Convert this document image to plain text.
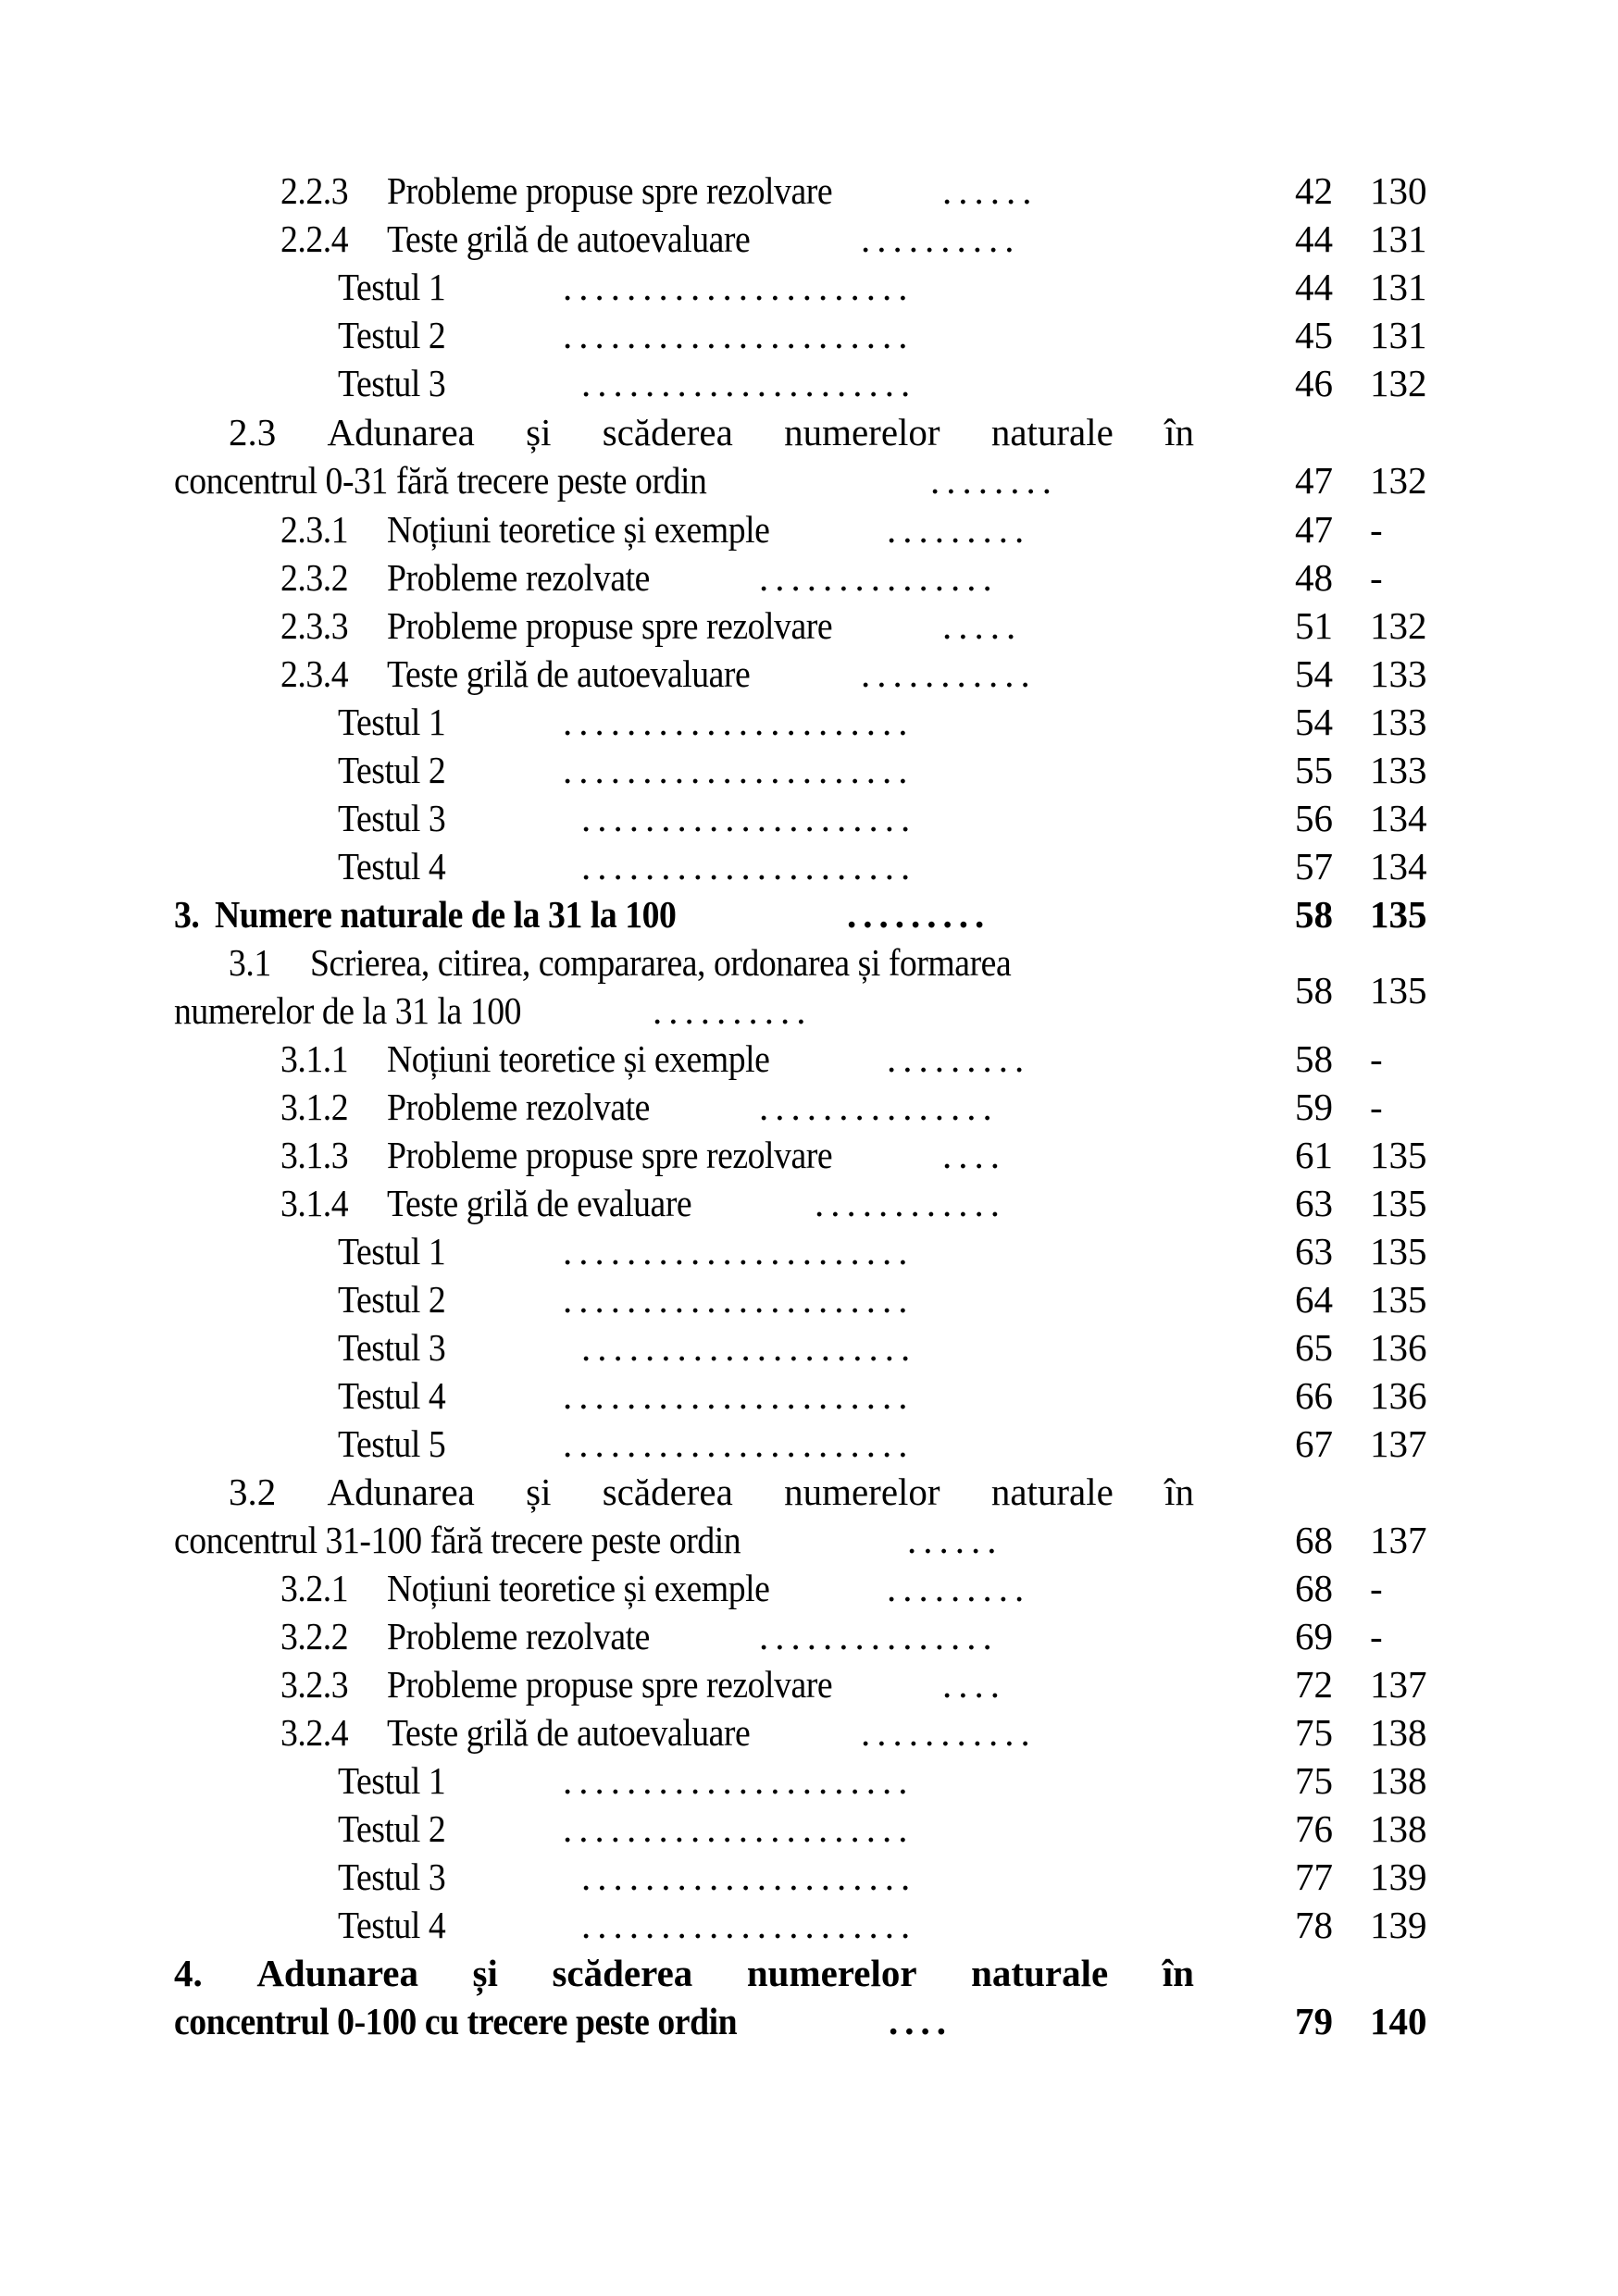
2.2.3 Probleme propuse spre rezolvare	......	42 130
2.2.4 Teste grilă de autoevaluare	..........	44 131
Testul 1	......................	44 131
Testul 2	......................	45 131
Testul 3	.....................	46 132
2.3 Adunarea și scăderea numerelor naturale în
concentrul 0-31 fără trecere peste ordin	........	47 132
2.3.1 Noțiuni teoretice și exemple	.........	47 -
2.3.2 Probleme rezolvate	...............	48 -
2.3.3 Probleme propuse spre rezolvare	.....	51 132
2.3.4 Teste grilă de autoevaluare	...........	54 133
Testul 1	......................	54 133
Testul 2	......................	55 133
Testul 3	.....................	56 134
Testul 4	.....................	57 134
3. Numere naturale de la 31 la 100	.........	58 135
3.1 Scrierea, citirea, compararea, ordonarea și formarea
numerelor de la 31 la 100	..........	58 135
3.1.1 Noțiuni teoretice și exemple	.........	58 -
3.1.2 Probleme rezolvate	...............	59 -
3.1.3 Probleme propuse spre rezolvare	....	61 135
3.1.4 Teste grilă de evaluare	............	63 135
Testul 1	......................	63 135
Testul 2	......................	64 135
Testul 3	.....................	65 136
Testul 4	......................	66 136
Testul 5	......................	67 137
3.2 Adunarea și scăderea numerelor naturale în
concentrul 31-100 fără trecere peste ordin	......	68 137
3.2.1 Noțiuni teoretice și exemple	.........	68 -
3.2.2 Probleme rezolvate	...............	69 -
3.2.3 Probleme propuse spre rezolvare	....	72 137
3.2.4 Teste grilă de autoevaluare	...........	75 138
Testul 1	......................	75 138
Testul 2	......................	76 138
Testul 3	.....................	77 139
Testul 4	.....................	78 139
4. Adunarea și scăderea numerelor naturale în
concentrul 0-100 cu trecere peste ordin	....	79 140
